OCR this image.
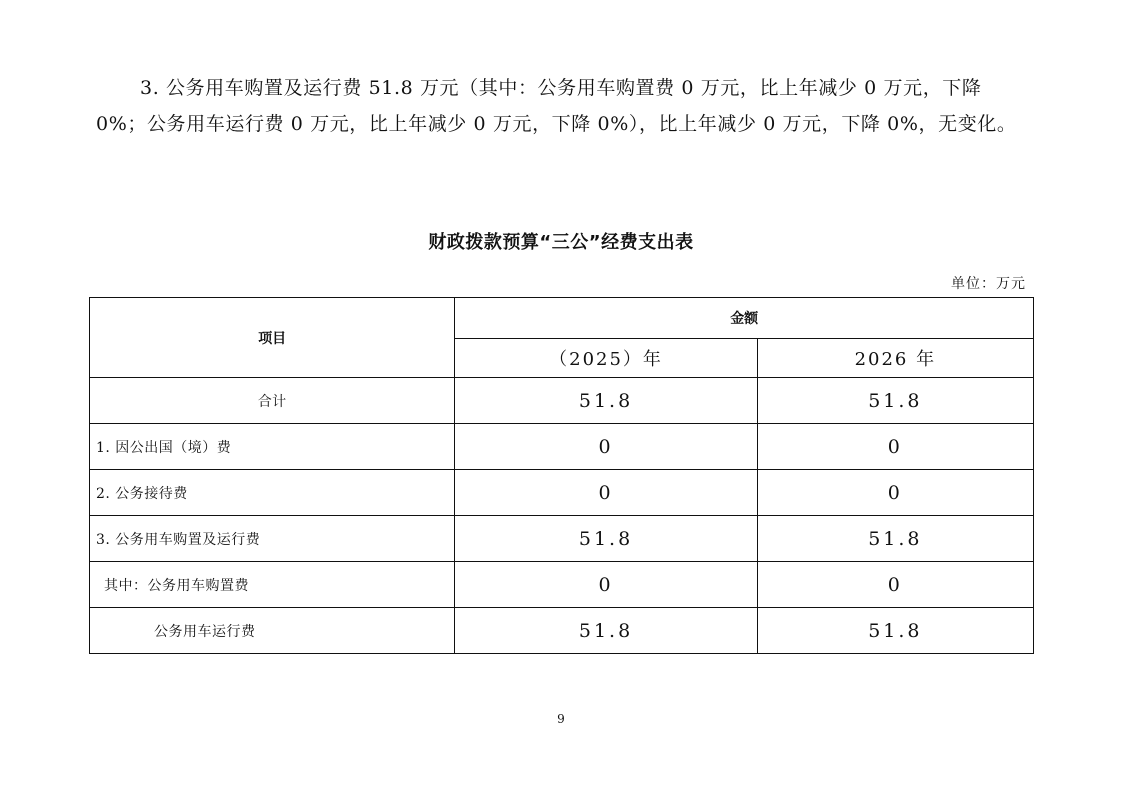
3. 公务用车购置及运行费 51.8 万元（其中：公务用车购置费 0 万元，比上年减少 0 万元，下降 0%；公务用车运行费 0 万元，比上年减少 0 万元，下降 0%），比上年减少 0 万元，下降 0%，无变化。

财政拨款预算“三公”经费支出表
单位：万元
项目	金额	
	（2025）年	2026 年
合计	51.8	51.8
1. 因公出国（境）费	0	0
2. 公务接待费	0	0
3. 公务用车购置及运行费	51.8	51.8
其中：公务用车购置费	0	0
公务用车运行费	51.8	51.8
9
